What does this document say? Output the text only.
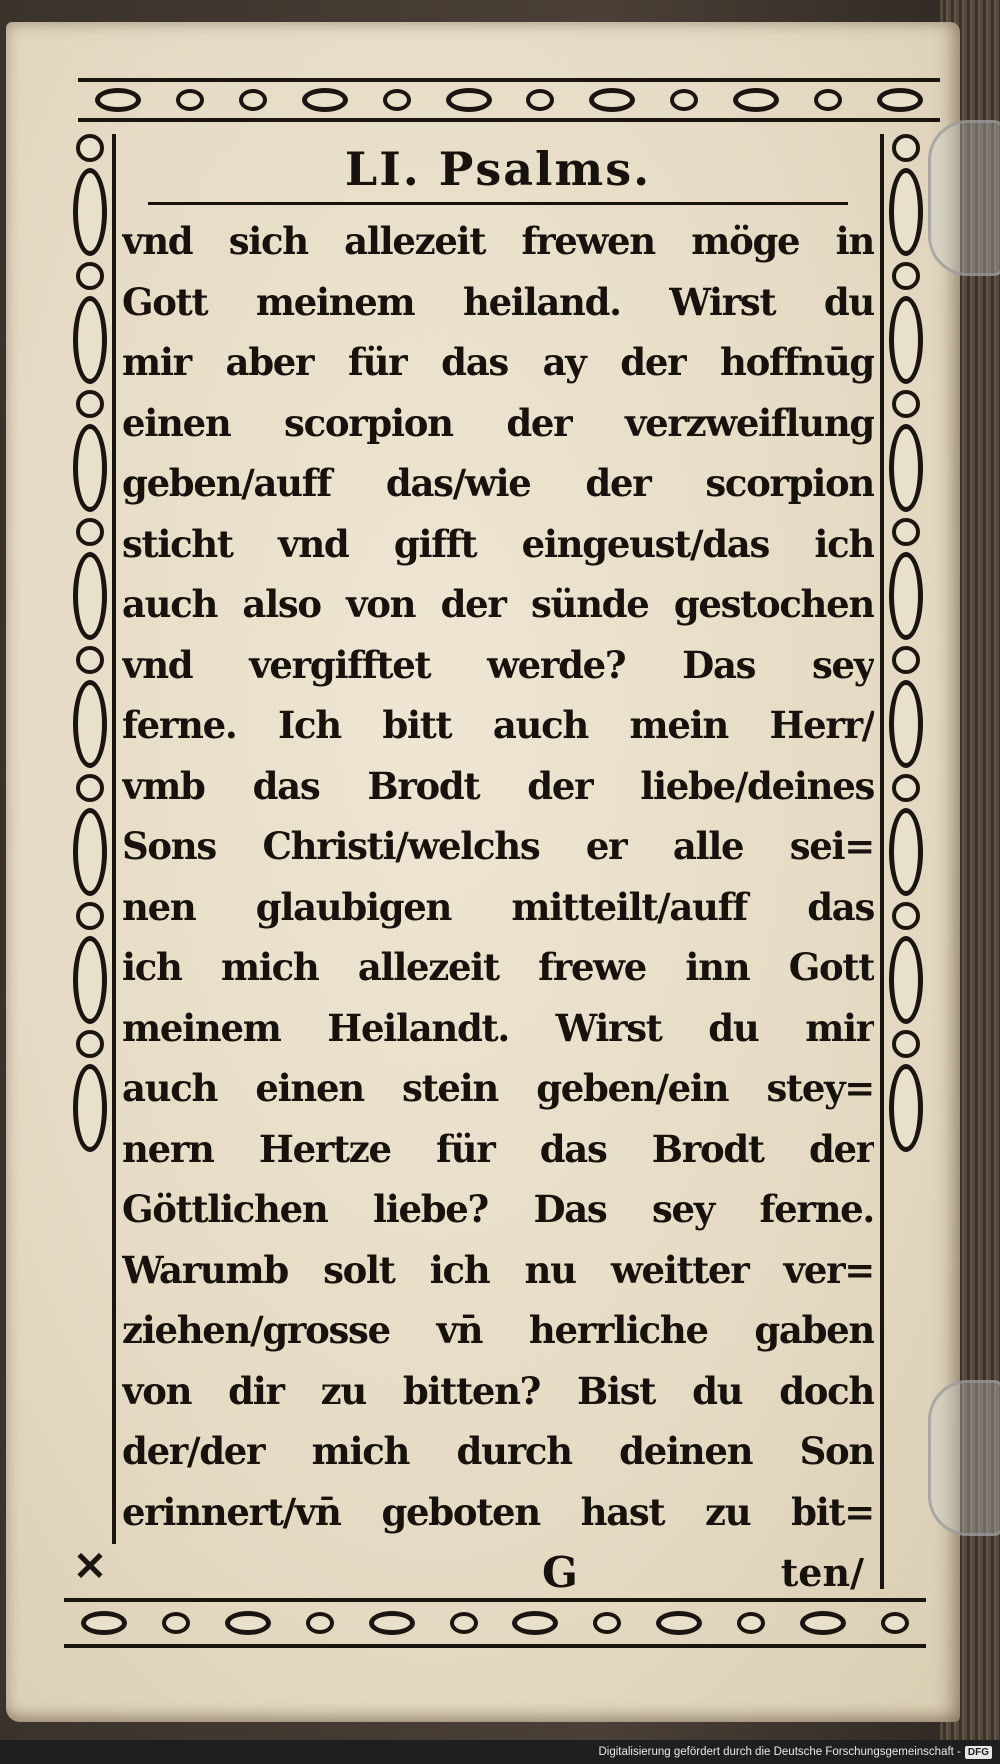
✕
LI. Psalms.
vnd sich allezeit frewen möge in
Gott meinem heiland. Wirst du
mir aber für das ay der hoffnūg
einen scorpion der verzweiflung
geben/auff das/wie der scorpion
sticht vnd gifft eingeust/das ich
auch also von der sünde gestochen
vnd vergifftet werde? Das sey
ferne. Ich bitt auch mein Herr/
vmb das Brodt der liebe/deines
Sons Christi/welchs er alle sei=
nen glaubigen mitteilt/auff das
ich mich allezeit frewe inn Gott
meinem Heilandt. Wirst du mir
auch einen stein geben/ein stey=
nern Hertze für das Brodt der
Göttlichen liebe? Das sey ferne.
Warumb solt ich nu weitter ver=
ziehen/grosse vn̄ herrliche gaben
von dir zu bitten? Bist du doch
der/der mich durch deinen Son
erinnert/vn̄ geboten hast zu bit=
G	ten/
Digitalisierung gefördert durch die Deutsche Forschungsgemeinschaft - DFG
